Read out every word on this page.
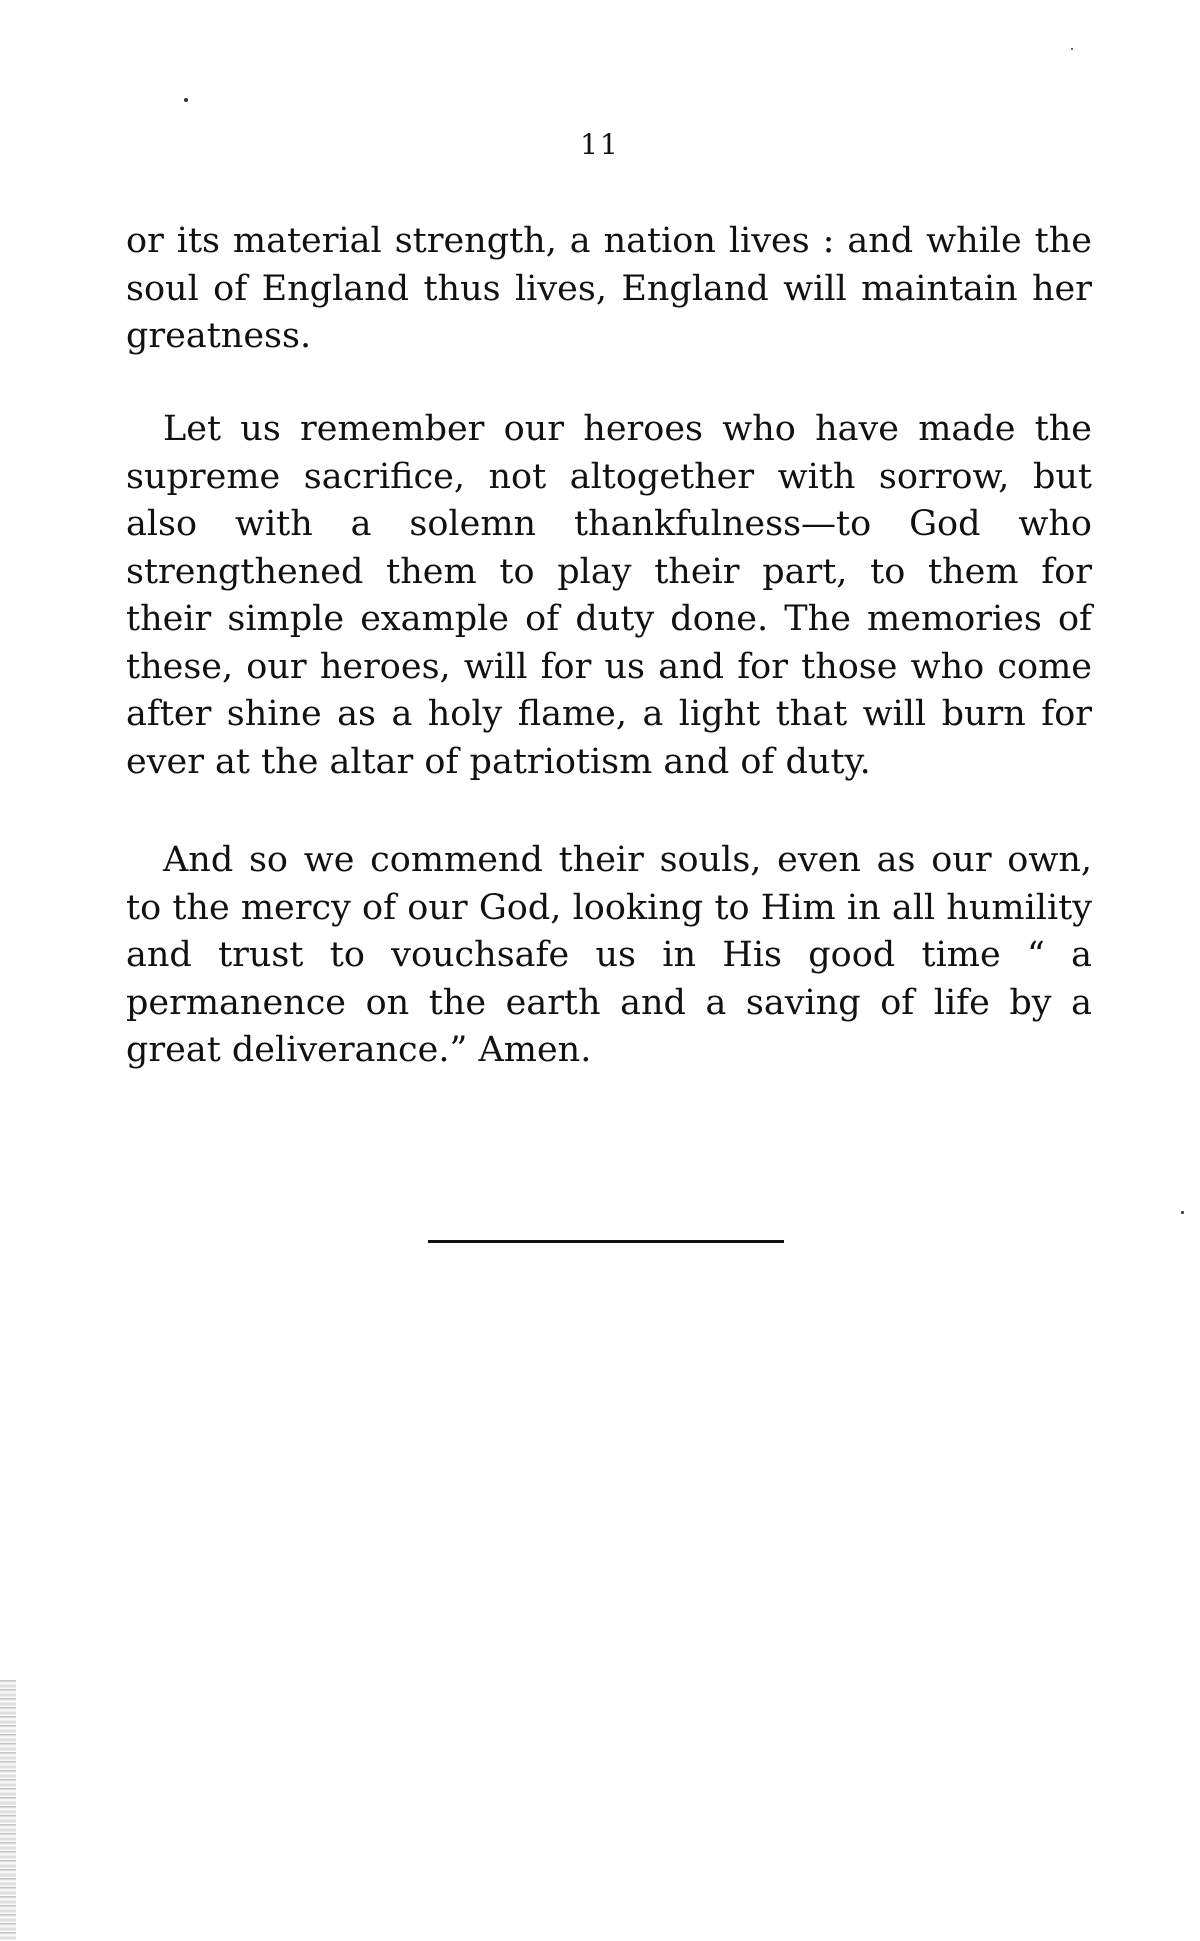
11

or its material strength, a nation lives : and while the soul of England thus lives, England will maintain her greatness.

Let us remember our heroes who have made the supreme sacrifice, not altogether with sorrow, but also with a solemn thankfulness—to God who strengthened them to play their part, to them for their simple example of duty done. The memories of these, our heroes, will for us and for those who come after shine as a holy flame, a light that will burn for ever at the altar of patriotism and of duty.

And so we commend their souls, even as our own, to the mercy of our God, looking to Him in all humility and trust to vouchsafe us in His good time “ a permanence on the earth and a saving of life by a great deliverance.” Amen.
